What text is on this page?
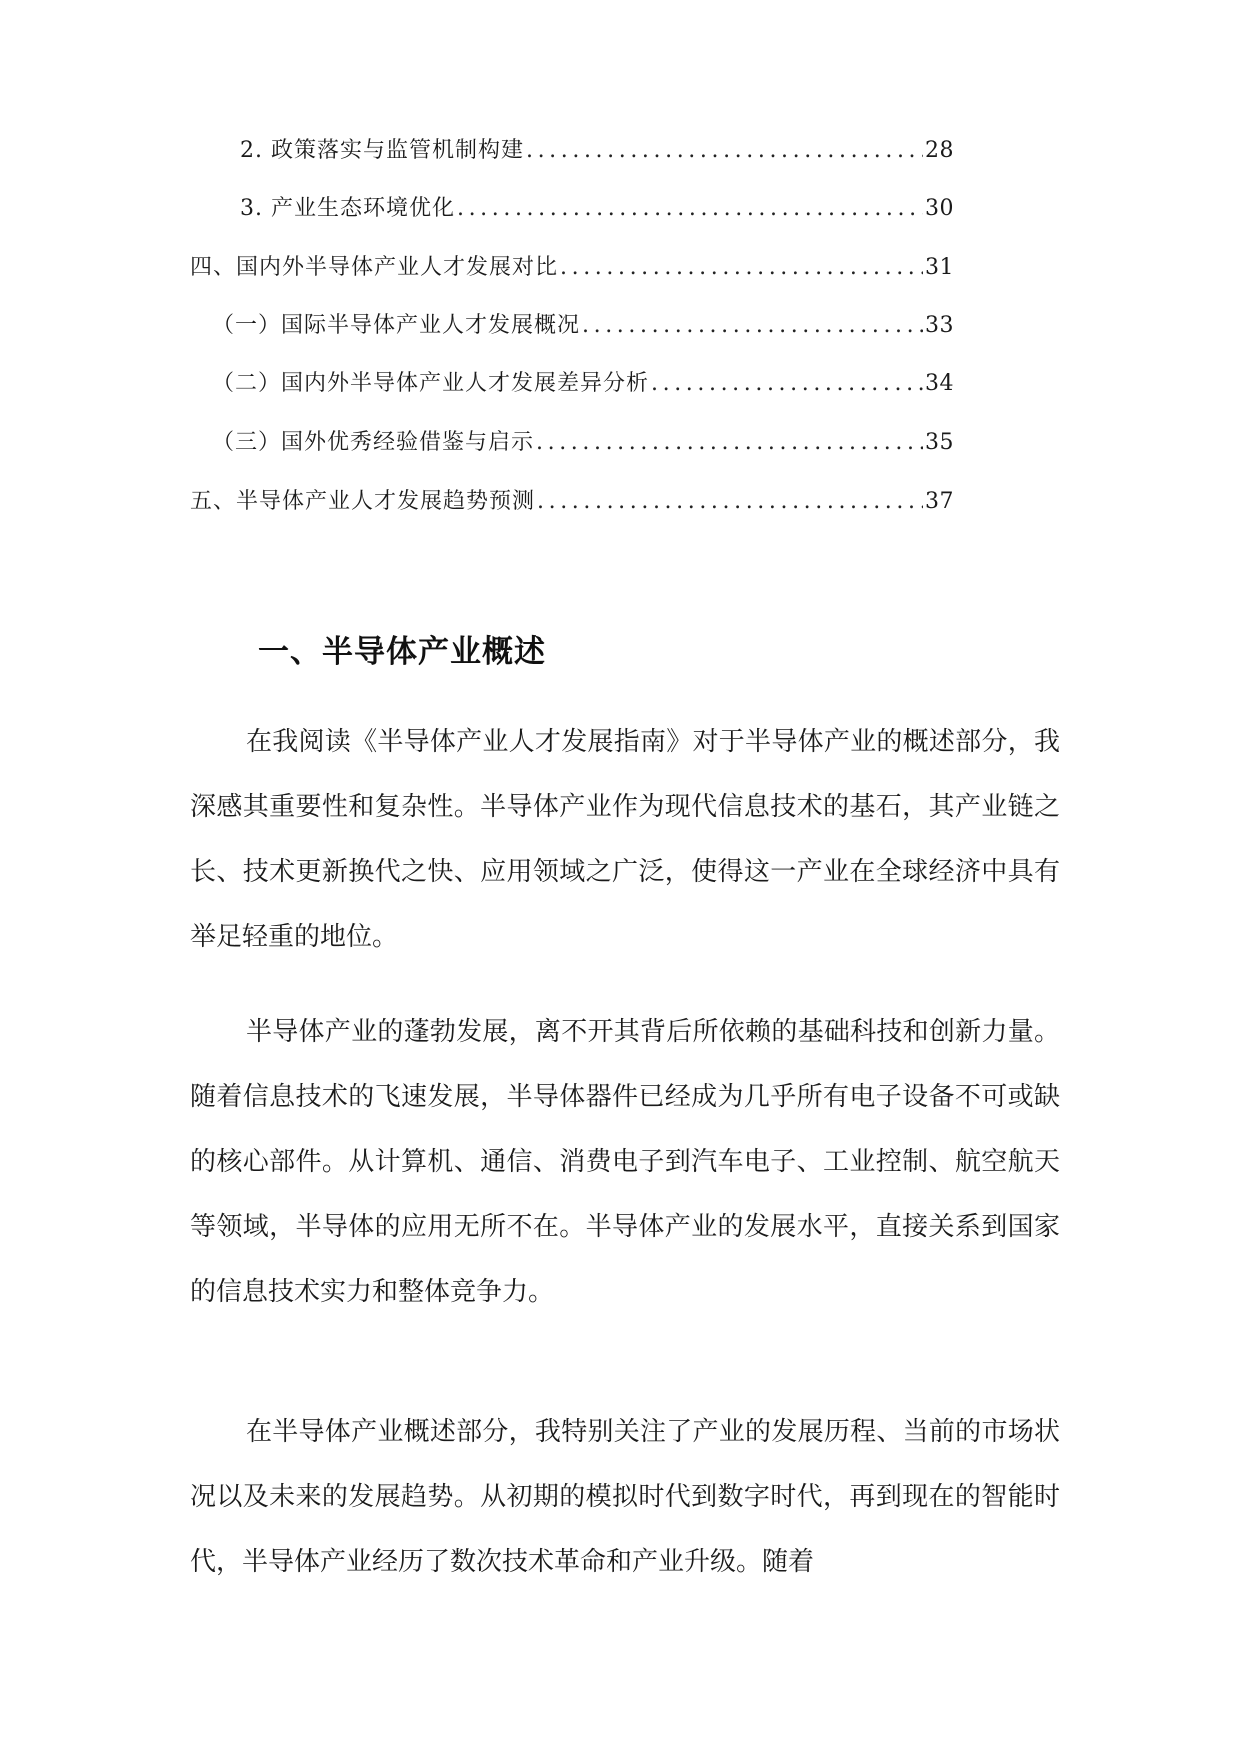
2. 政策落实与监管机制构建 .....	28
3. 产业生态环境优化 .....	30
四、国内外半导体产业人才发展对比 .....	31
（一）国际半导体产业人才发展概况 .....	33
（二）国内外半导体产业人才发展差异分析 .....	34
（三）国外优秀经验借鉴与启示 .....	35
五、半导体产业人才发展趋势预测 .....	37
一、半导体产业概述

在我阅读《半导体产业人才发展指南》对于半导体产业的概述部分，我深感其重要性和复杂性。半导体产业作为现代信息技术的基石，其产业链之长、技术更新换代之快、应用领域之广泛，使得这一产业在全球经济中具有举足轻重的地位。

半导体产业的蓬勃发展，离不开其背后所依赖的基础科技和创新力量。随着信息技术的飞速发展，半导体器件已经成为几乎所有电子设备不可或缺的核心部件。从计算机、通信、消费电子到汽车电子、工业控制、航空航天等领域，半导体的应用无所不在。半导体产业的发展水平，直接关系到国家的信息技术实力和整体竞争力。

在半导体产业概述部分，我特别关注了产业的发展历程、当前的市场状况以及未来的发展趋势。从初期的模拟时代到数字时代，再到现在的智能时代，半导体产业经历了数次技术革命和产业升级。随着
